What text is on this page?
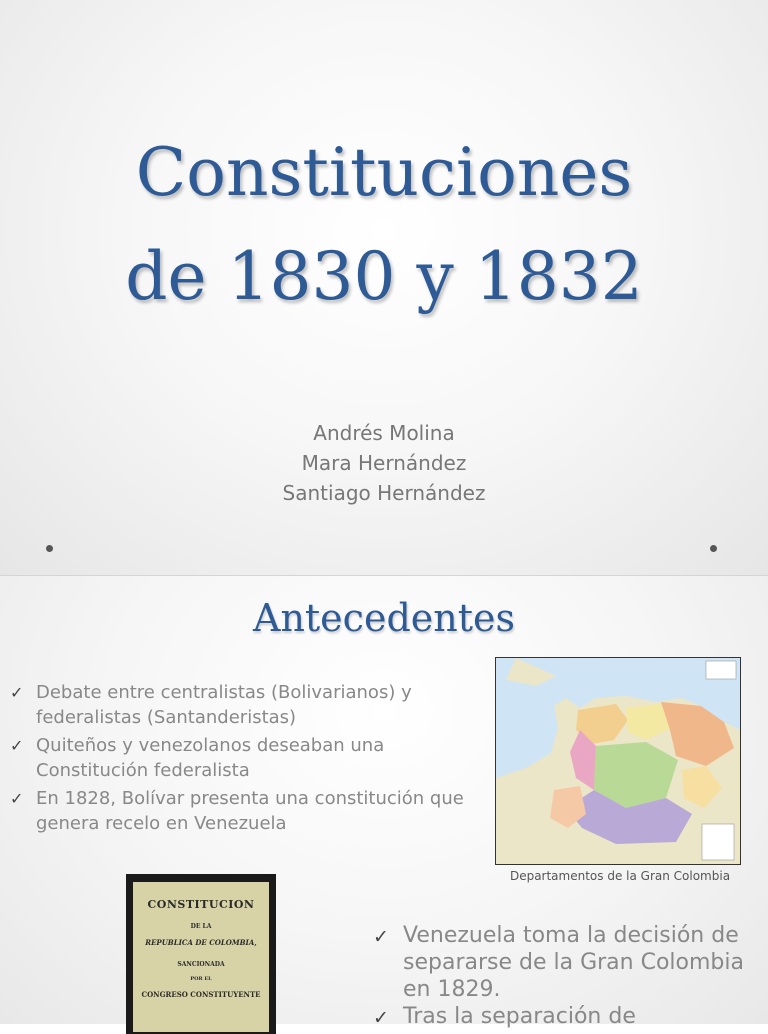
Constituciones
de 1830 y 1832
Andrés Molina
Mara Hernández
Santiago Hernández
Antecedentes
✓ Debate entre centralistas (Bolivarianos) y federalistas (Santanderistas)
✓ Quiteños y venezolanos deseaban una Constitución federalista
✓ En 1828, Bolívar presenta una constitución que genera recelo en Venezuela
Departamentos de la Gran Colombia
CONSTITUCION
DE LA
REPUBLICA DE COLOMBIA,
SANCIONADA
POR EL
CONGRESO CONSTITUYENTE
✓ Venezuela toma la decisión de separarse de la Gran Colombia en 1829.
✓ Tras la separación de
